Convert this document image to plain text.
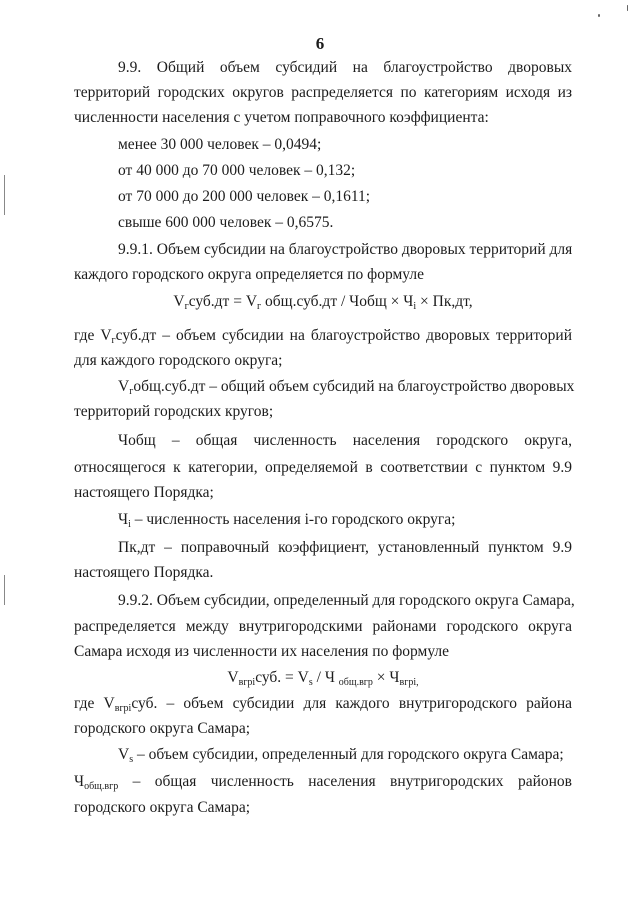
6
9.9. Общий объем субсидий на благоустройство дворовых
территорий городских округов распределяется по категориям исходя из
численности населения с учетом поправочного коэффициента:
менее 30 000 человек – 0,0494;
от 40 000 до 70 000 человек – 0,132;
от 70 000 до 200 000 человек – 0,1611;
свыше 600 000 человек – 0,6575.
9.9.1. Объем субсидии на благоустройство дворовых территорий для
каждого городского округа определяется по формуле
Vгсуб.дт = Vг общ.суб.дт / Чобщ × Чi × Пк,дт,
где Vгсуб.дт – объем субсидии на благоустройство дворовых территорий
для каждого городского округа;
Vгобщ.суб.дт – общий объем субсидий на благоустройство дворовых
территорий городских кругов;
Чобщ – общая численность населения городского округа,
относящегося к категории, определяемой в соответствии с пунктом 9.9
настоящего Порядка;
Чi – численность населения i-го городского округа;
Пк,дт – поправочный коэффициент, установленный пунктом 9.9
настоящего Порядка.
9.9.2. Объем субсидии, определенный для городского округа Самара,
распределяется между внутригородскими районами городского округа
Самара исходя из численности их населения по формуле
Vвгрiсуб. = Vs / Ч общ.вгр × Чвгрi,
где Vвгрiсуб. – объем субсидии для каждого внутригородского района
городского округа Самара;
Vs – объем субсидии, определенный для городского округа Самара;
Чобщ.вгр – общая численность населения внутригородских районов
городского округа Самара;
